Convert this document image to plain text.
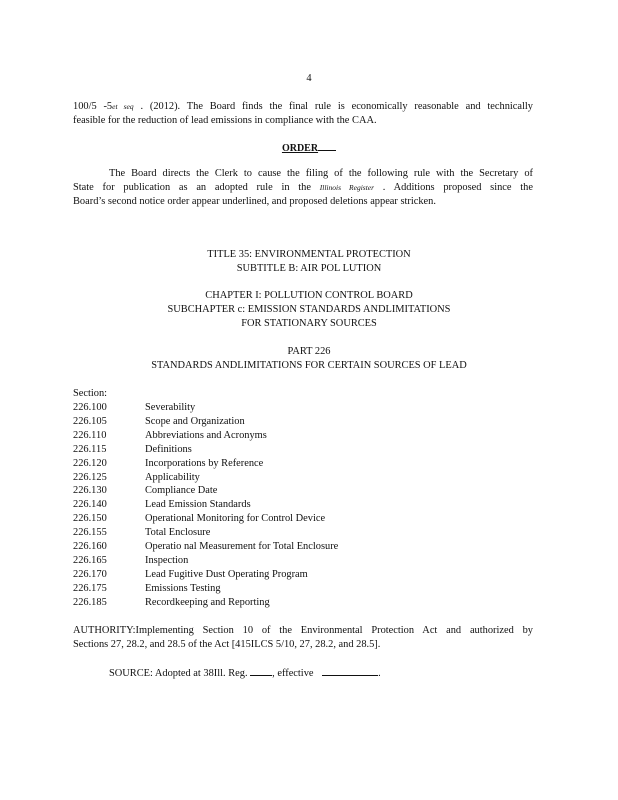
4
100/5 -5et seq . (2012). The Board finds the final rule is economically reasonable and technically
feasible for the reduction of lead emissions in compliance with the CAA.
ORDER
The Board directs the Clerk to cause the filing of the following rule with the Secretary of
State for publication as an adopted rule in the Illinois Register . Additions proposed since the
Board’s second notice order appear underlined, and proposed deletions appear stricken.
TITLE 35: ENVIRONMENTAL PROTECTION
SUBTITLE B: AIR POL LUTION
CHAPTER I: POLLUTION CONTROL BOARD
SUBCHAPTER c: EMISSION STANDARDS ANDLIMITATIONS
FOR STATIONARY SOURCES
PART 226
STANDARDS ANDLIMITATIONS FOR CERTAIN SOURCES OF LEAD
Section:
226.100	Severability
226.105	Scope and Organization
226.110	Abbreviations and Acronyms
226.115	Definitions
226.120	Incorporations by Reference
226.125	Applicability
226.130	Compliance Date
226.140	Lead Emission Standards
226.150	Operational Monitoring for Control Device
226.155	Total Enclosure
226.160	Operatio nal Measurement for Total Enclosure
226.165	Inspection
226.170	Lead Fugitive Dust Operating Program
226.175	Emissions Testing
226.185	Recordkeeping and Reporting
AUTHORITY:Implementing Section 10 of the Environmental Protection Act and authorized by
Sections 27, 28.2, and 28.5 of the Act [415ILCS 5/10, 27, 28.2, and 28.5].
SOURCE: Adopted at 38Ill. Reg. , effective	.
